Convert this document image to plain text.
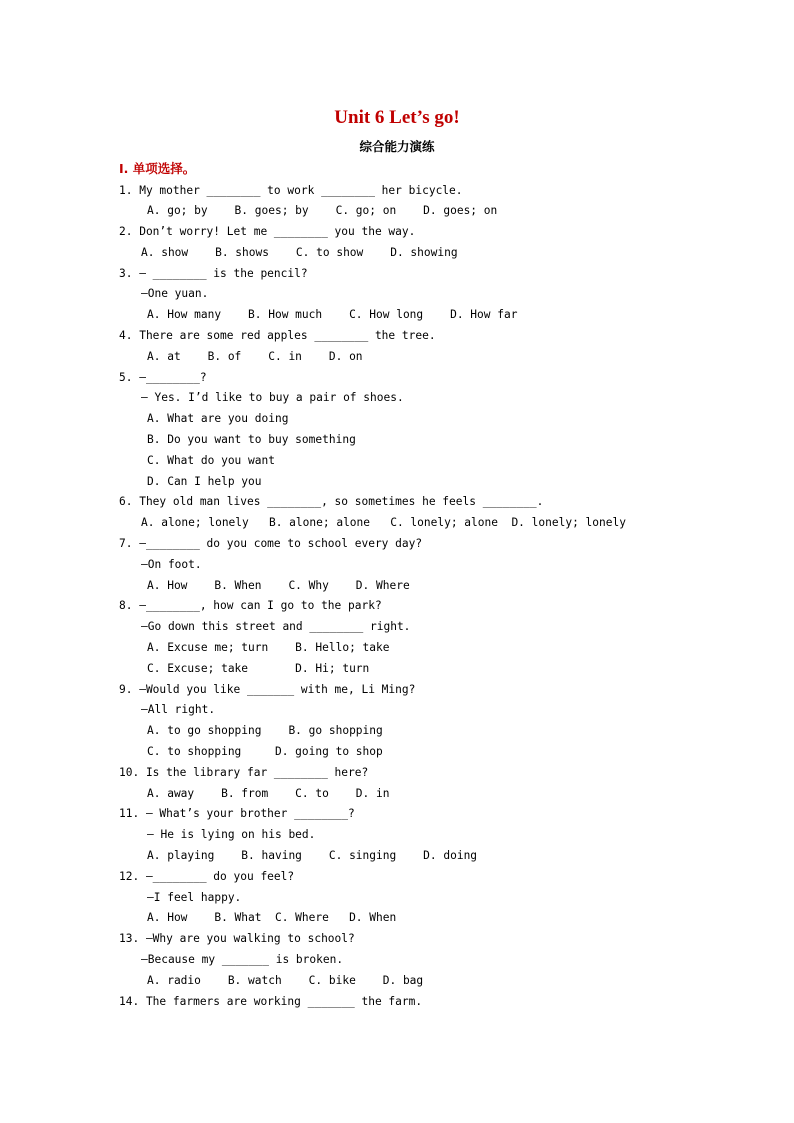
Unit 6 Let’s go!
综合能力演练
I. 单项选择。
1. My mother ________ to work ________ her bicycle.
A. go; by    B. goes; by    C. go; on    D. goes; on
2. Don’t worry! Let me ________ you the way.
A. show    B. shows    C. to show    D. showing
3. — ________ is the pencil?
—One yuan.
A. How many    B. How much    C. How long    D. How far
4. There are some red apples ________ the tree.
A. at    B. of    C. in    D. on
5. —________?
— Yes. I’d like to buy a pair of shoes.
A. What are you doing
B. Do you want to buy something
C. What do you want
D. Can I help you
6. They old man lives ________, so sometimes he feels ________.
A. alone; lonely   B. alone; alone   C. lonely; alone  D. lonely; lonely
7. —________ do you come to school every day?
—On foot.
A. How    B. When    C. Why    D. Where
8. —________, how can I go to the park?
—Go down this street and ________ right.
A. Excuse me; turn    B. Hello; take
C. Excuse; take       D. Hi; turn
9. —Would you like _______ with me, Li Ming?
—All right.
A. to go shopping    B. go shopping
C. to shopping     D. going to shop
10. Is the library far ________ here?
A. away    B. from    C. to    D. in
11. — What’s your brother ________?
— He is lying on his bed.
A. playing    B. having    C. singing    D. doing
12. —________ do you feel?
—I feel happy.
A. How    B. What  C. Where   D. When
13. —Why are you walking to school?
—Because my _______ is broken.
A. radio    B. watch    C. bike    D. bag
14. The farmers are working _______ the farm.
